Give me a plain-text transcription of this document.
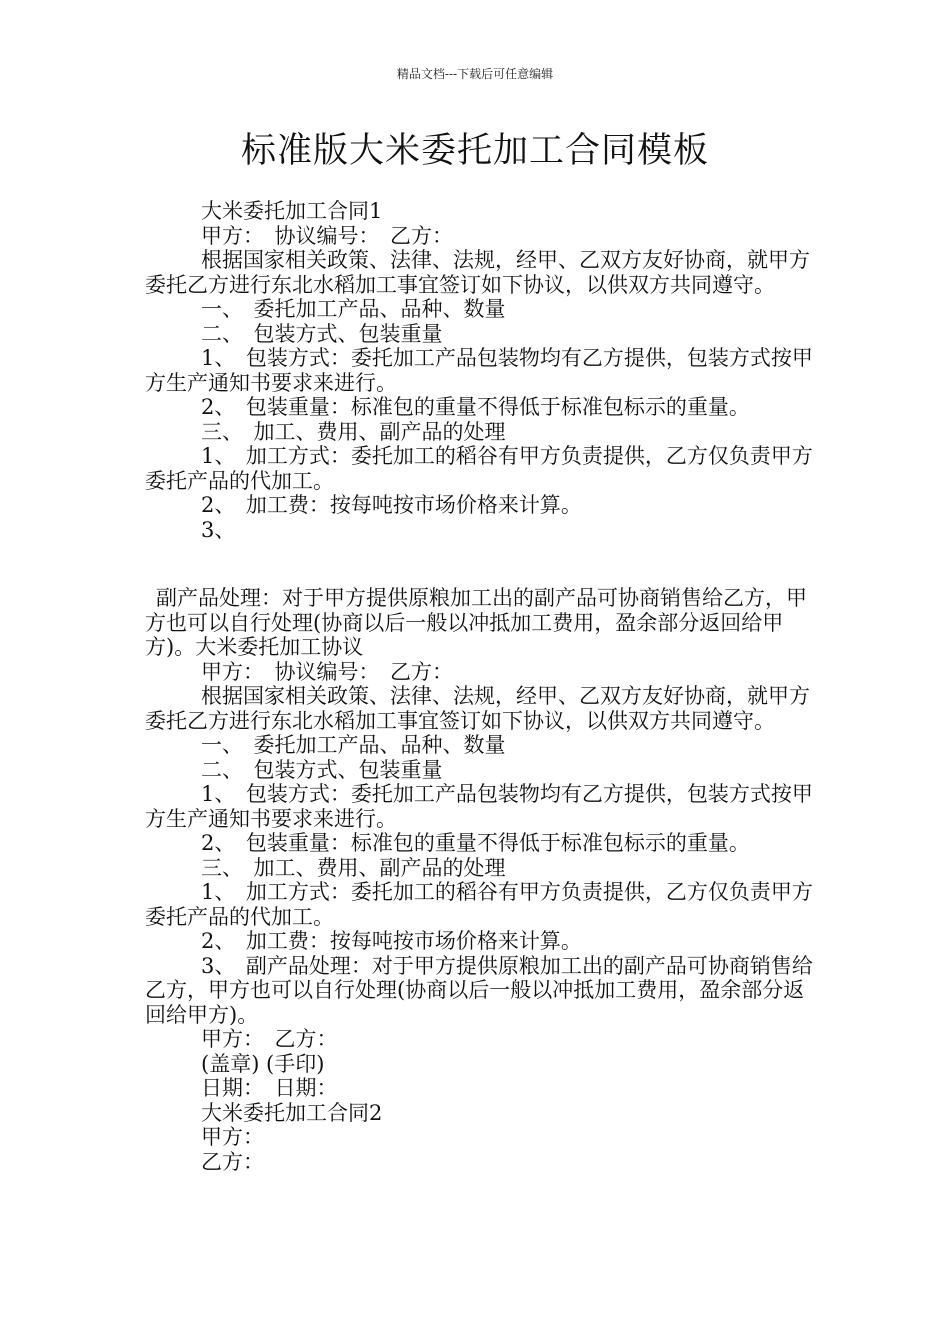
精品文档---下载后可任意编辑
标准版大米委托加工合同模板

大米委托加工合同1

甲方：　协议编号：　乙方：

根据国家相关政策、法律、法规，经甲、乙双方友好协商，就甲方委托乙方进行东北水稻加工事宜签订如下协议，以供双方共同遵守。

一、　委托加工产品、品种、数量

二、　包装方式、包装重量

1、　包装方式：委托加工产品包装物均有乙方提供，包装方式按甲方生产通知书要求来进行。

2、　包装重量：标准包的重量不得低于标准包标示的重量。

三、　加工、费用、副产品的处理

1、　加工方式：委托加工的稻谷有甲方负责提供，乙方仅负责甲方委托产品的代加工。

2、　加工费：按每吨按市场价格来计算。

3、

副产品处理：对于甲方提供原粮加工出的副产品可协商销售给乙方，甲方也可以自行处理(协商以后一般以冲抵加工费用，盈余部分返回给甲方)。大米委托加工协议

甲方：　协议编号：　乙方：

根据国家相关政策、法律、法规，经甲、乙双方友好协商，就甲方委托乙方进行东北水稻加工事宜签订如下协议，以供双方共同遵守。

一、　委托加工产品、品种、数量

二、　包装方式、包装重量

1、　包装方式：委托加工产品包装物均有乙方提供，包装方式按甲方生产通知书要求来进行。

2、　包装重量：标准包的重量不得低于标准包标示的重量。

三、　加工、费用、副产品的处理

1、　加工方式：委托加工的稻谷有甲方负责提供，乙方仅负责甲方委托产品的代加工。

2、　加工费：按每吨按市场价格来计算。

3、　副产品处理：对于甲方提供原粮加工出的副产品可协商销售给乙方，甲方也可以自行处理(协商以后一般以冲抵加工费用，盈余部分返回给甲方)。

甲方：　乙方：

(盖章) (手印)

日期：　日期：

大米委托加工合同2

甲方：

乙方：
